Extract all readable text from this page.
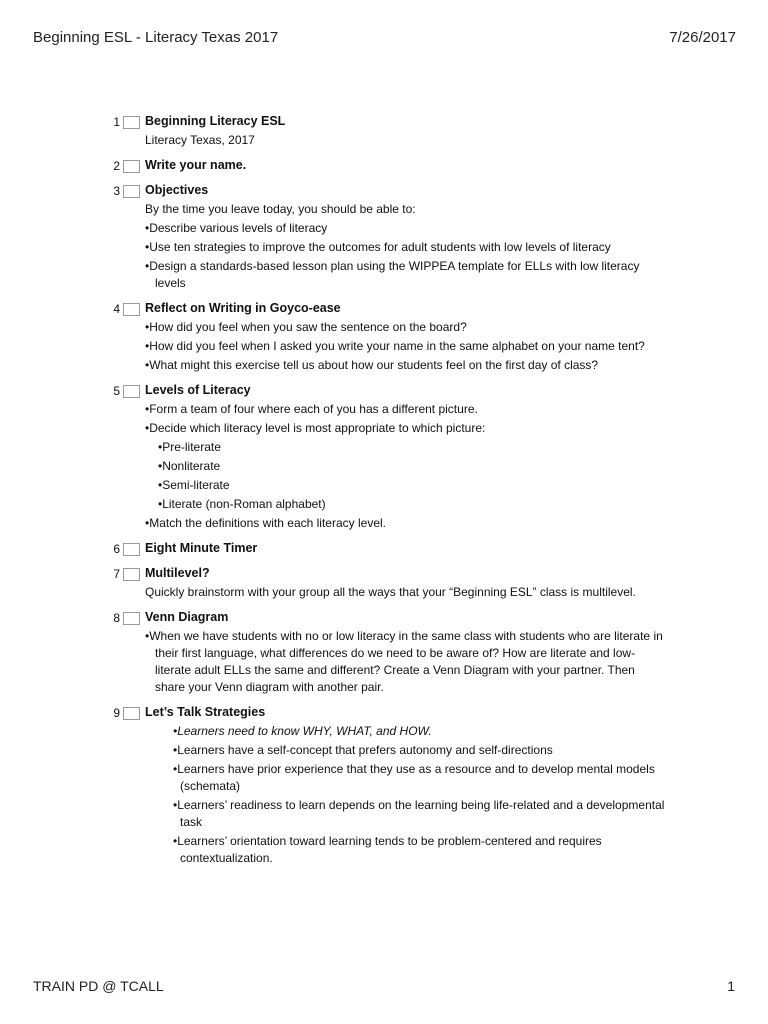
Beginning ESL - Literacy Texas 2017	7/26/2017
1 Beginning Literacy ESL
Literacy Texas, 2017
2 Write your name.
3 Objectives
By the time you leave today, you should be able to:
• Describe various levels of literacy
• Use ten strategies to improve the outcomes for adult students with low levels of literacy
• Design a standards-based lesson plan using the WIPPEA template for ELLs with low literacy levels
4 Reflect on Writing in Goyco-ease
• How did you feel when you saw the sentence on the board?
• How did you feel when I asked you write your name in the same alphabet on your name tent?
• What might this exercise tell us about how our students feel on the first day of class?
5 Levels of Literacy
• Form a team of four where each of you has a different picture.
• Decide which literacy level is most appropriate to which picture:
• Pre-literate
• Nonliterate
• Semi-literate
• Literate (non-Roman alphabet)
• Match the definitions with each literacy level.
6 Eight Minute Timer
7 Multilevel?
Quickly brainstorm with your group all the ways that your “Beginning ESL” class is multilevel.
8 Venn Diagram
• When we have students with no or low literacy in the same class with students who are literate in their first language, what differences do we need to be aware of? How are literate and low-literate adult ELLs the same and different? Create a Venn Diagram with your partner. Then share your Venn diagram with another pair.
9 Let’s Talk Strategies
• Learners need to know WHY, WHAT, and HOW.
• Learners have a self-concept that prefers autonomy and self-directions
• Learners have prior experience that they use as a resource and to develop mental models (schemata)
• Learners’ readiness to learn depends on the learning being life-related and a developmental task
• Learners’ orientation toward learning tends to be problem-centered and requires contextualization.
TRAIN PD @ TCALL	1
